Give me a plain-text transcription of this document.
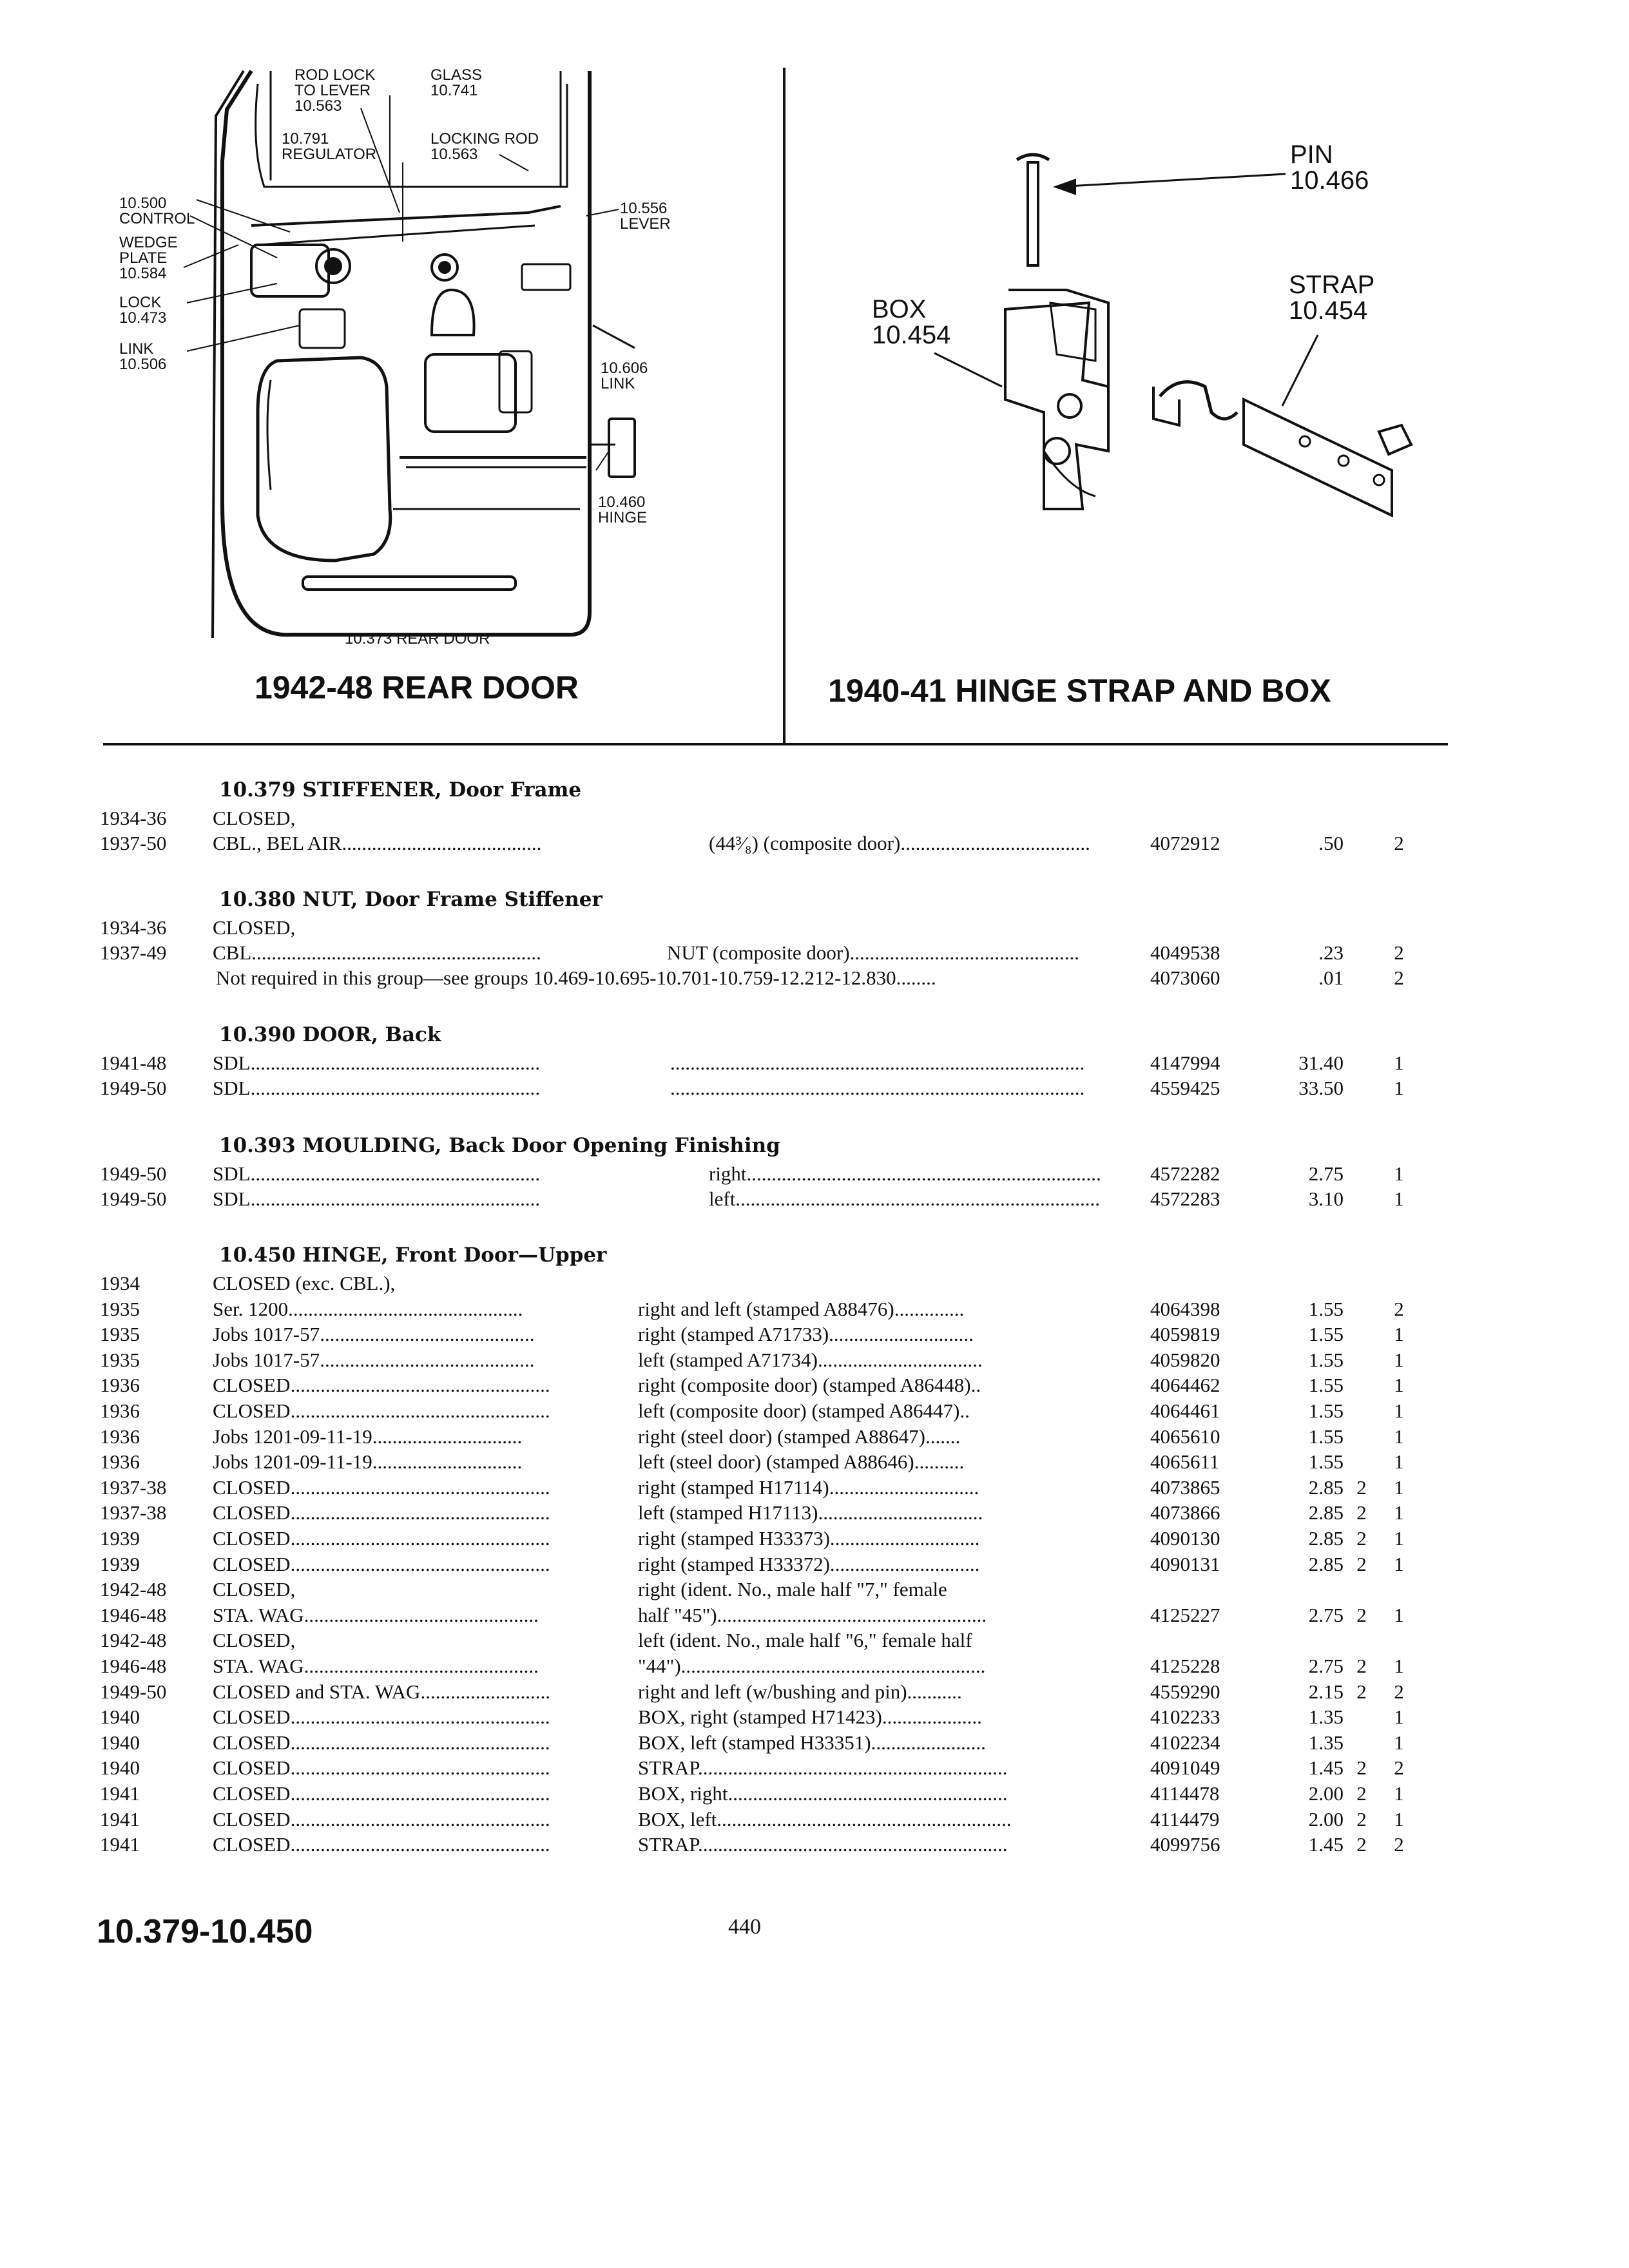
ROD LOCK
TO LEVER
10.563
GLASS
10.741
10.791
REGULATOR
LOCKING ROD
10.563
10.500
CONTROL
WEDGE
PLATE
10.584
LOCK
10.473
LINK
10.506
10.556
LEVER
10.606
LINK
10.460
HINGE
10.373 REAR DOOR
1942-48 REAR DOOR
PIN
10.466
STRAP
10.454
BOX
10.454
1940-41 HINGE STRAP AND BOX
10.379 STIFFENER, Door Frame
1934-36 CLOSED,
1937-50 CBL., BEL AIR........................................	(44³⁄₈) (composite door)......................................	4072912	.50	2
10.380 NUT, Door Frame Stiffener
1934-36 CLOSED,
1937-49 CBL..........................................................	NUT (composite door)..............................................	4049538	.23	2
Not required in this group—see groups 10.469-10.695-10.701-10.759-12.212-12.830........	4073060	.01	2
10.390 DOOR, Back
1941-48 SDL..........................................................	...................................................................................	4147994	31.40	1
1949-50 SDL..........................................................	...................................................................................	4559425	33.50	1
10.393 MOULDING, Back Door Opening Finishing
1949-50 SDL..........................................................	right.......................................................................	4572282	2.75	1
1949-50 SDL..........................................................	left.........................................................................	4572283	3.10	1
10.450 HINGE, Front Door—Upper
1934	CLOSED (exc. CBL.),
1935	Ser. 1200...............................................	right and left (stamped A88476)..............	4064398	1.55	2
1935	Jobs 1017-57...........................................	right (stamped A71733).............................	4059819	1.55	1
1935	Jobs 1017-57...........................................	left (stamped A71734).................................	4059820	1.55	1
1936	CLOSED....................................................	right (composite door) (stamped A86448)..	4064462	1.55	1
1936	CLOSED....................................................	left (composite door) (stamped A86447)..	4064461	1.55	1
1936	Jobs 1201-09-11-19..............................	right (steel door) (stamped A88647).......	4065610	1.55	1
1936	Jobs 1201-09-11-19..............................	left (steel door) (stamped A88646)..........	4065611	1.55	1
1937-38 CLOSED....................................................	right (stamped H17114)..............................	4073865	2.85 2 1
1937-38 CLOSED....................................................	left (stamped H17113).................................	4073866	2.85 2 1
1939	CLOSED....................................................	right (stamped H33373)..............................	4090130	2.85 2 1
1939	CLOSED....................................................	right (stamped H33372)..............................	4090131	2.85 2 1
1942-48 CLOSED,	right (ident. No., male half "7," female
1946-48 STA. WAG...............................................	half "45")......................................................	4125227	2.75 2 1
1942-48 CLOSED,	left (ident. No., male half "6," female half
1946-48 STA. WAG...............................................	"44").............................................................	4125228	2.75 2 1
1949-50 CLOSED and STA. WAG..........................	right and left (w/bushing and pin)...........	4559290	2.15 2 2
1940	CLOSED....................................................	BOX, right (stamped H71423)....................	4102233	1.35	1
1940	CLOSED....................................................	BOX, left (stamped H33351).......................	4102234	1.35	1
1940	CLOSED....................................................	STRAP..............................................................	4091049	1.45 2 2
1941	CLOSED....................................................	BOX, right........................................................	4114478	2.00 2 1
1941	CLOSED....................................................	BOX, left...........................................................	4114479	2.00 2 1
1941	CLOSED....................................................	STRAP..............................................................	4099756	1.45 2 2
10.379-10.450	440
